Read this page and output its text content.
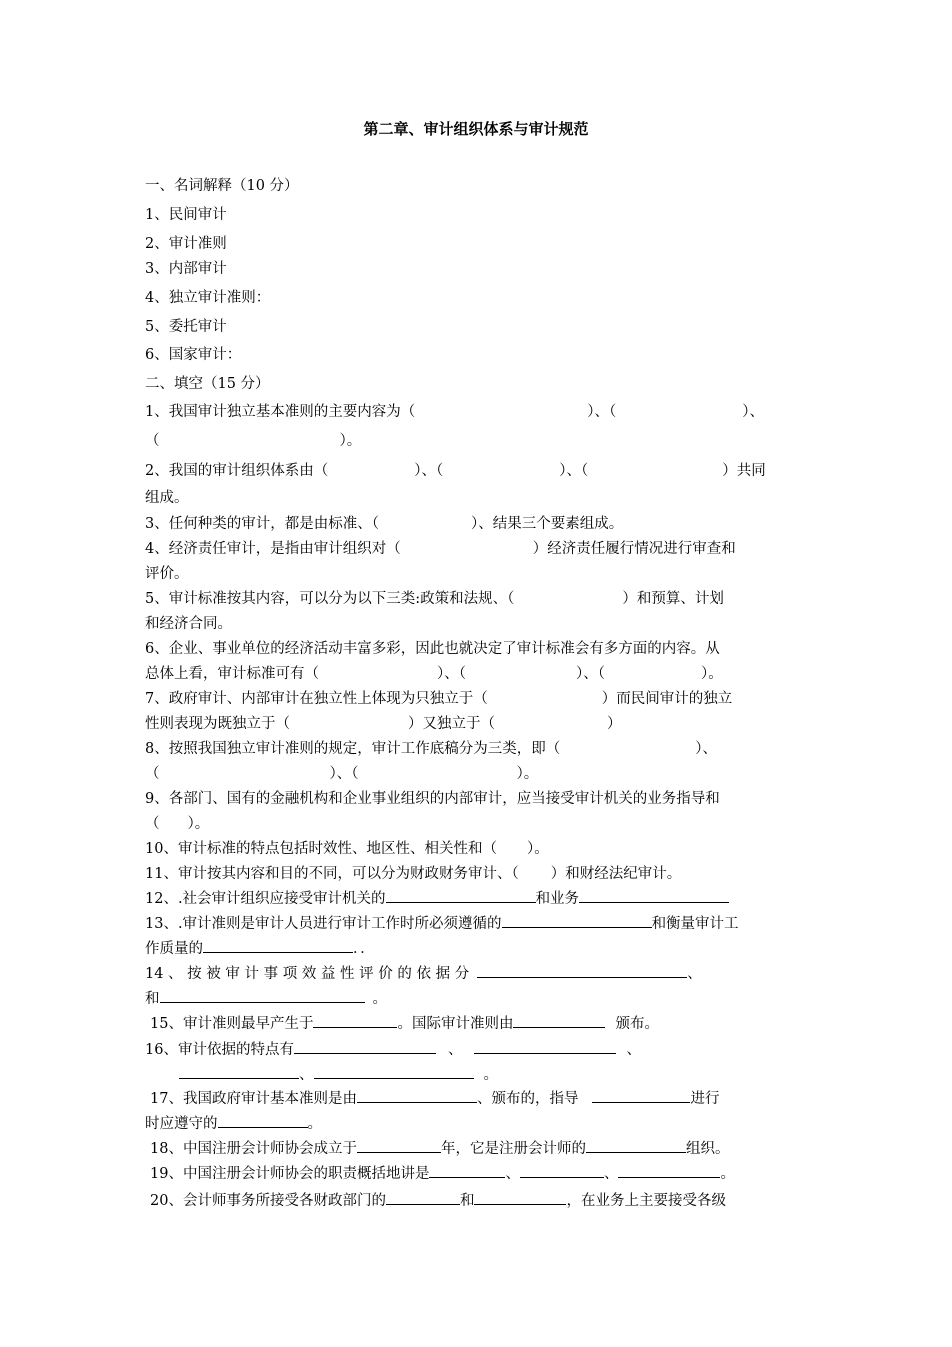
第二章、审计组织体系与审计规范
一、名词解释（10 分）
1、民间审计
2、审计准则
3、内部审计
4、独立审计准则：
5、委托审计
6、国家审计：
二、填空（15 分）
1、我国审计独立基本准则的主要内容为（	）、（	）、
（	）。
2、我国的审计组织体系由（	）、（	）、（	）共同
组成。
3、任何种类的审计，都是由标准、（	）、结果三个要素组成。
4、经济责任审计，是指由审计组织对（	）经济责任履行情况进行审查和
评价。
5、审计标准按其内容，可以分为以下三类:政策和法规、（	）和预算、计划
和经济合同。
6、企业、事业单位的经济活动丰富多彩，因此也就决定了审计标准会有多方面的内容。从
总体上看，审计标准可有（	）、（	）、（	）。
7、政府审计、内部审计在独立性上体现为只独立于（	）而民间审计的独立
性则表现为既独立于（	）又独立于（	）
8、按照我国独立审计准则的规定，审计工作底稿分为三类，即（	）、
（	）、（	）。
9、各部门、国有的金融机构和企业事业组织的内部审计，应当接受审计机关的业务指导和
（ ）。
10、审计标准的特点包括时效性、地区性、相关性和（ ）。
11、审计按其内容和目的不同，可以分为财政财务审计、（ ）和财经法纪审计。
12、.社会审计组织应接受审计机关的	和业务
13、.审计准则是审计人员进行审计工作时所必须遵循的	和衡量审计工
作质量的	．．
14 、 按 被 审 计 事 项 效 益 性 评 价 的 依 据 分	、
和	。
15、审计准则最早产生于	。国际审计准则由	颁布。
16、审计依据的特点有	、	、
、	。
17、我国政府审计基本准则是由	、颁布的，指导	进行
时应遵守的	。
18、中国注册会计师协会成立于	年，它是注册会计师的	组织。
19、中国注册会计师协会的职责概括地讲是	、	、	。
20、会计师事务所接受各财政部门的	和	，在业务上主要接受各级
